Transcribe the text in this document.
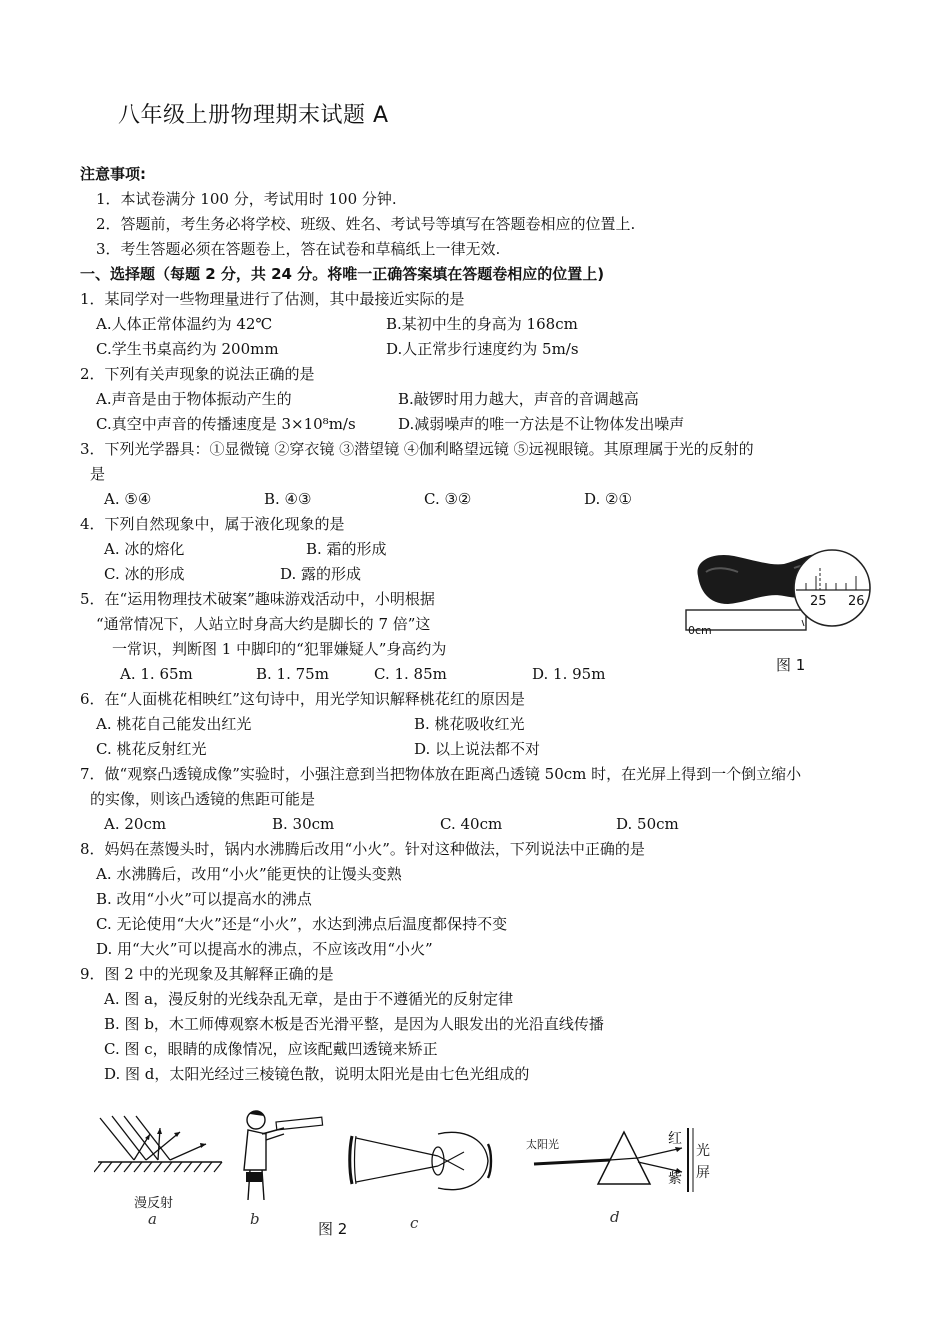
八年级上册物理期末试题 A
注意事项:
1．本试卷满分 100 分，考试用时 100 分钟.
2．答题前，考生务必将学校、班级、姓名、考试号等填写在答题卷相应的位置上.
3．考生答题必须在答题卷上，答在试卷和草稿纸上一律无效.
一、选择题（每题 2 分，共 24 分。将唯一正确答案填在答题卷相应的位置上)
1．某同学对一些物理量进行了估测，其中最接近实际的是
A.人体正常体温约为 42℃	B.某初中生的身高为 168cm
C.学生书桌高约为 200mm	D.人正常步行速度约为 5m/s
2．下列有关声现象的说法正确的是
A.声音是由于物体振动产生的	B.敲锣时用力越大，声音的音调越高
C.真空中声音的传播速度是 3×10⁸m/s	D.减弱噪声的唯一方法是不让物体发出噪声
3．下列光学器具：①显微镜 ②穿衣镜 ③潜望镜 ④伽利略望远镜 ⑤远视眼镜。其原理属于光的反射的
是
A. ⑤④	B. ④③	C. ③②	D. ②①
4．下列自然现象中，属于液化现象的是
A. 冰的熔化	B. 霜的形成
C. 冰的形成	D. 露的形成
5．在“运用物理技术破案”趣味游戏活动中，小明根据
“通常情况下，人站立时身高大约是脚长的 7 倍”这
一常识，判断图 1 中脚印的“犯罪嫌疑人”身高约为
A. 1. 65m	B. 1. 75m	C. 1. 85m	D. 1. 95m
0cm
25 26
图 1
6．在“人面桃花相映红”这句诗中，用光学知识解释桃花红的原因是
A. 桃花自己能发出红光	B. 桃花吸收红光
C. 桃花反射红光	D. 以上说法都不对
7．做“观察凸透镜成像”实验时，小强注意到当把物体放在距离凸透镜 50cm 时，在光屏上得到一个倒立缩小
的实像，则该凸透镜的焦距可能是
A. 20cm	B. 30cm	C. 40cm	D. 50cm
8．妈妈在蒸馒头时，锅内水沸腾后改用“小火”。针对这种做法，下列说法中正确的是
A. 水沸腾后，改用“小火”能更快的让馒头变熟
B. 改用“小火”可以提高水的沸点
C. 无论使用“大火”还是“小火”，水达到沸点后温度都保持不变
D. 用“大火”可以提高水的沸点，不应该改用“小火”
9．图 2 中的光现象及其解释正确的是
A. 图 a，漫反射的光线杂乱无章，是由于不遵循光的反射定律
B. 图 b，木工师傅观察木板是否光滑平整，是因为人眼发出的光沿直线传播
C. 图 c，眼睛的成像情况，应该配戴凹透镜来矫正
D. 图 d，太阳光经过三棱镜色散，说明太阳光是由七色光组成的
漫反射
a	b	c
图 2
太阳光	红
紫
光
屏
d
